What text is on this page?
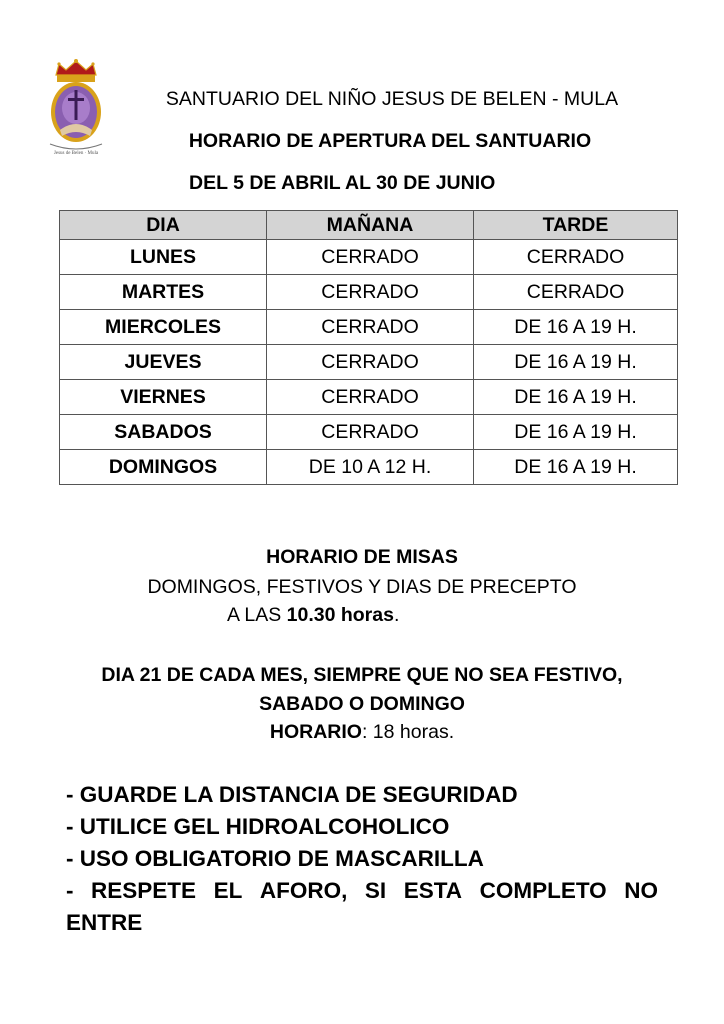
Jesus de Belen · Mula
SANTUARIO DEL NIÑO JESUS DE BELEN - MULA
HORARIO DE APERTURA DEL SANTUARIO
DEL 5 DE ABRIL AL 30 DE JUNIO
DIA	MAÑANA	TARDE
LUNES	CERRADO	CERRADO
MARTES	CERRADO	CERRADO
MIERCOLES	CERRADO	DE 16 A 19 H.
JUEVES	CERRADO	DE 16 A 19 H.
VIERNES	CERRADO	DE 16 A 19 H.
SABADOS	CERRADO	DE 16 A 19 H.
DOMINGOS	DE 10 A 12 H.	DE 16 A 19 H.
HORARIO DE MISAS
DOMINGOS, FESTIVOS Y DIAS DE PRECEPTO
A LAS 10.30 horas.
DIA 21 DE CADA MES, SIEMPRE QUE NO SEA FESTIVO,
SABADO O DOMINGO
HORARIO: 18 horas.
- GUARDE LA DISTANCIA DE SEGURIDAD
- UTILICE GEL HIDROALCOHOLICO
- USO OBLIGATORIO DE MASCARILLA
- RESPETE EL AFORO, SI ESTA COMPLETO NO
ENTRE
